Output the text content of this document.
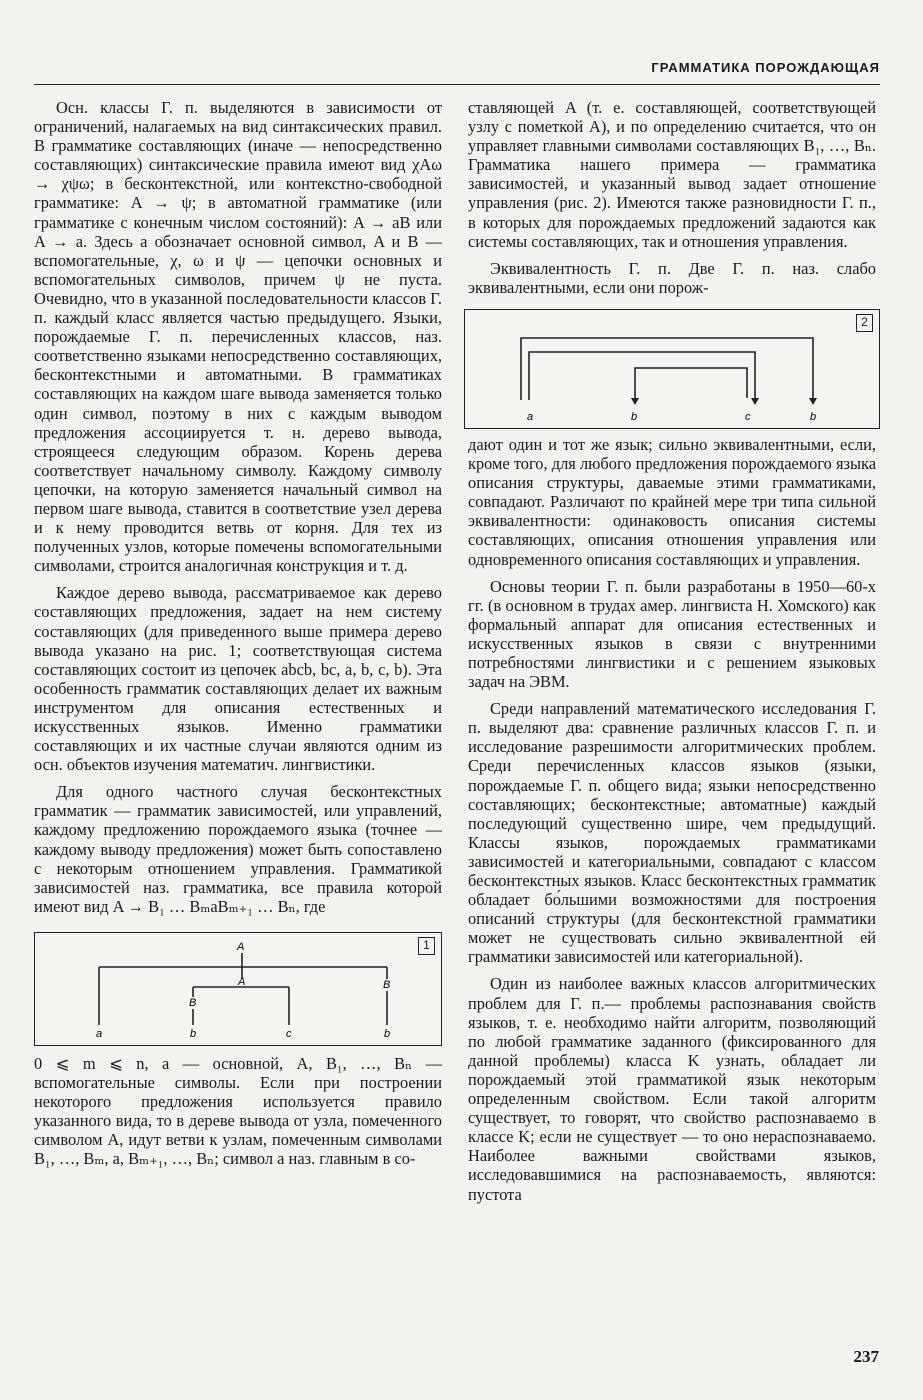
ГРАММАТИКА ПОРОЖДАЮЩАЯ

Осн. классы Г. п. выделяются в зависимости от ограничений, налагаемых на вид синтаксических правил. В грамматике составляющих (иначе — непосредственно составляющих) синтаксические правила имеют вид χAω → χψω; в бесконтекстной, или контекстно-свободной грамматике: A → ψ; в автоматной грамматике (или грамматике с конечным числом состояний): A → aB или A → a. Здесь a обозначает основной символ, A и B — вспомогательные, χ, ω и ψ — цепочки основных и вспомогательных символов, причем ψ не пуста. Очевидно, что в указанной последовательности классов Г. п. каждый класс является частью предыдущего. Языки, порождаемые Г. п. перечисленных классов, наз. соответственно языками непосредственно составляющих, бесконтекстными и автоматными. В грамматиках составляющих на каждом шаге вывода заменяется только один символ, поэтому в них с каждым выводом предложения ассоциируется т. н. дерево вывода, строящееся следующим образом. Корень дерева соответствует начальному символу. Каждому символу цепочки, на которую заменяется начальный символ на первом шаге вывода, ставится в соответствие узел дерева и к нему проводится ветвь от корня. Для тех из полученных узлов, которые помечены вспомогательными символами, строится аналогичная конструкция и т. д.

Каждое дерево вывода, рассматриваемое как дерево составляющих предложения, задает на нем систему составляющих (для приведенного выше примера дерево вывода указано на рис. 1; соответствующая система составляющих состоит из цепочек abcb, bc, a, b, c, b). Эта особенность грамматик составляющих делает их важным инструментом для описания естественных и искусственных языков. Именно грамматики составляющих и их частные случаи являются одним из осн. объектов изучения математич. лингвистики.

Для одного частного случая бесконтекстных грамматик — грамматик зависимостей, или управлений, каждому предложению порождаемого языка (точнее — каждому выводу предложения) может быть сопоставлено с некоторым отношением управления. Грамматикой зависимостей наз. грамматика, все правила которой имеют вид A → B₁ … BₘaBₘ₊₁ … Bₙ, где

1
A
A	B
B
a	b	c	b

0 ⩽ m ⩽ n, a — основной, A, B₁, …, Bₙ — вспомогательные символы. Если при построении некоторого предложения используется правило указанного вида, то в дереве вывода от узла, помеченного символом A, идут ветви к узлам, помеченным символами B₁, …, Bₘ, a, Bₘ₊₁, …, Bₙ; символ a наз. главным в со-

ставляющей A (т. е. составляющей, соответствующей узлу с пометкой A), и по определению считается, что он управляет главными символами составляющих B₁, …, Bₙ. Грамматика нашего примера — грамматика зависимостей, и указанный вывод задает отношение управления (рис. 2). Имеются также разновидности Г. п., в которых для порождаемых предложений задаются как системы составляющих, так и отношения управления.

Эквивалентность Г. п. Две Г. п. наз. слабо эквивалентными, если они порож-

2
a	b	c	b

дают один и тот же язык; сильно эквивалентными, если, кроме того, для любого предложения порождаемого языка описания структуры, даваемые этими грамматиками, совпадают. Различают по крайней мере три типа сильной эквивалентности: одинаковость описания системы составляющих, описания отношения управления или одновременного описания составляющих и управления.

Основы теории Г. п. были разработаны в 1950—60-х гг. (в основном в трудах амер. лингвиста Н. Хомского) как формальный аппарат для описания естественных и искусственных языков в связи с внутренними потребностями лингвистики и с решением языковых задач на ЭВМ.

Среди направлений математического исследования Г. п. выделяют два: сравнение различных классов Г. п. и исследование разрешимости алгоритмических проблем. Среди перечисленных классов языков (языки, порождаемые Г. п. общего вида; языки непосредственно составляющих; бесконтекстные; автоматные) каждый последующий существенно шире, чем предыдущий. Классы языков, порождаемых грамматиками зависимостей и категориальными, совпадают с классом бесконтекстных языков. Класс бесконтекстных грамматик обладает бо́льшими возможностями для построения описаний структуры (для бесконтекстной грамматики может не существовать сильно эквивалентной ей грамматики зависимостей или категориальной).

Один из наиболее важных классов алгоритмических проблем для Г. п.— проблемы распознавания свойств языков, т. е. необходимо найти алгоритм, позволяющий по любой грамматике заданного (фиксированного для данной проблемы) класса K узнать, обладает ли порождаемый этой грамматикой язык некоторым определенным свойством. Если такой алгоритм существует, то говорят, что свойство распознаваемо в классе K; если не существует — то оно нераспознаваемо. Наиболее важными свойствами языков, исследовавшимися на распознаваемость, являются: пустота

237
